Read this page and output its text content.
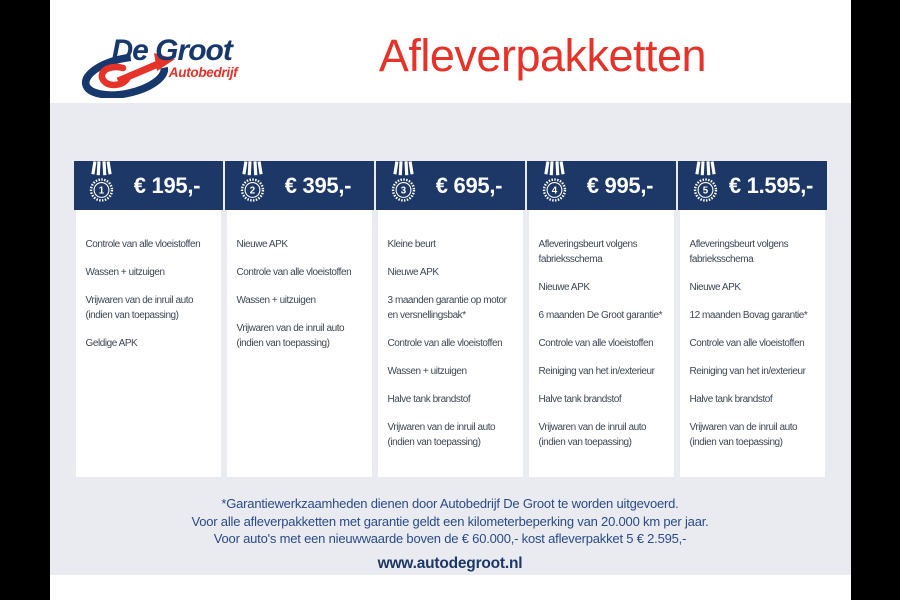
De Groot
Autobedrijf	Afleverpakketten
1	€ 195,-
Controle van alle vloeistoffen
Wassen + uitzuigen
Vrijwaren van de inruil auto (indien van toepassing)
Geldige APK
2	€ 395,-
Nieuwe APK
Controle van alle vloeistoffen
Wassen + uitzuigen
Vrijwaren van de inruil auto (indien van toepassing)
3	€ 695,-
Kleine beurt
Nieuwe APK
3 maanden garantie op motor en versnellingsbak*
Controle van alle vloeistoffen
Wassen + uitzuigen
Halve tank brandstof
Vrijwaren van de inruil auto (indien van toepassing)
4	€ 995,-
Afleveringsbeurt volgens fabrieksschema
Nieuwe APK
6 maanden De Groot garantie*
Controle van alle vloeistoffen
Reiniging van het in/exterieur
Halve tank brandstof
Vrijwaren van de inruil auto (indien van toepassing)
5 € 1.595,-
Afleveringsbeurt volgens fabrieksschema
Nieuwe APK
12 maanden Bovag garantie*
Controle van alle vloeistoffen
Reiniging van het in/exterieur
Halve tank brandstof
Vrijwaren van de inruil auto (indien van toepassing)
*Garantiewerkzaamheden dienen door Autobedrijf De Groot te worden uitgevoerd.
Voor alle afleverpakketten met garantie geldt een kilometerbeperking van 20.000 km per jaar.
Voor auto's met een nieuwwaarde boven de € 60.000,- kost afleverpakket 5 € 2.595,-
www.autodegroot.nl
